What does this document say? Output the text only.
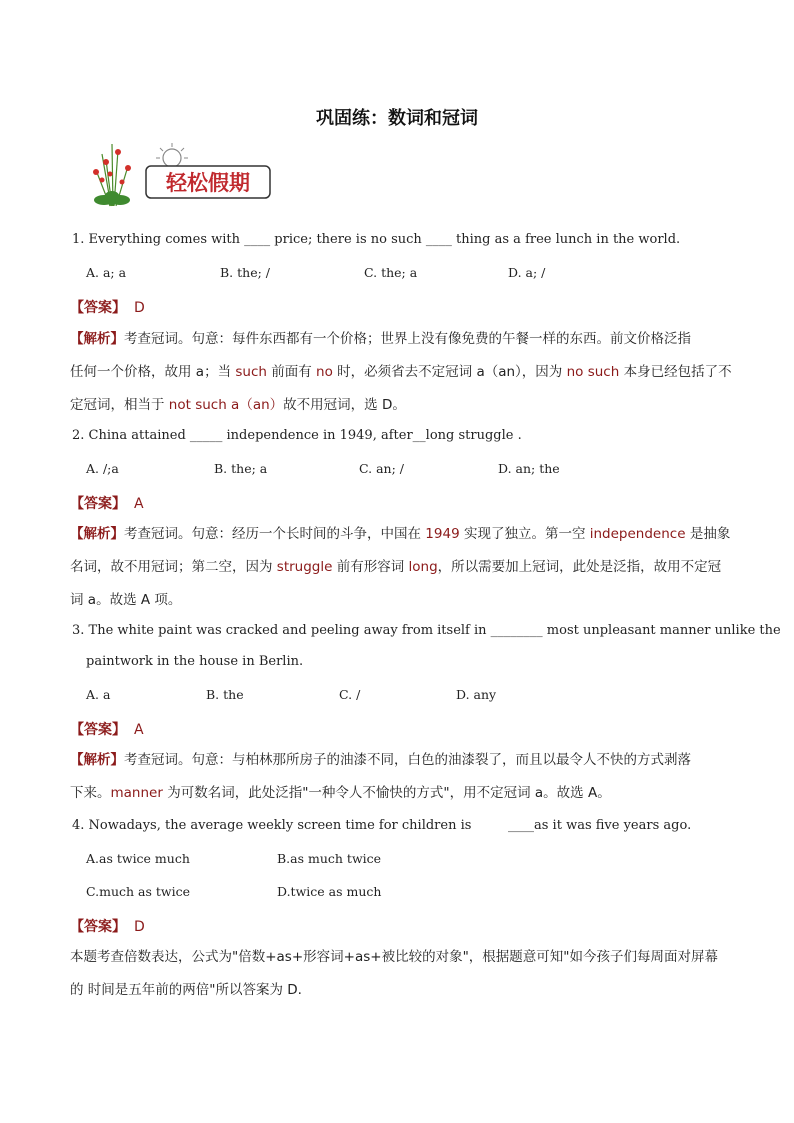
巩固练：数词和冠词
轻松假期
1. Everything comes with ____ price; there is no such ____ thing as a free lunch in the world.
A. a; a	B. the; /	C. the; a	D. a; /
【答案】 D
【解析】考查冠词。句意：每件东西都有一个价格；世界上没有像免费的午餐一样的东西。前文价格泛指
任何一个价格，故用 a；当 such 前面有 no 时，必须省去不定冠词 a（an），因为 no such 本身已经包括了不
定冠词，相当于 not such a（an）故不用冠词，选 D。
2. China attained _____ independence in 1949, after__long struggle .
A. /;a	B. the; a	C. an; /	D. an; the
【答案】 A
【解析】考查冠词。句意：经历一个长时间的斗争，中国在 1949 实现了独立。第一空 independence 是抽象
名词，故不用冠词；第二空，因为 struggle 前有形容词 long，所以需要加上冠词，此处是泛指，故用不定冠
词 a。故选 A 项。
3. The white paint was cracked and peeling away from itself in ________ most unpleasant manner unlike the
paintwork in the house in Berlin.
A. a	B. the	C. /	D. any
【答案】 A
【解析】考查冠词。句意：与柏林那所房子的油漆不同，白色的油漆裂了，而且以最令人不快的方式剥落
下来。manner 为可数名词，此处泛指"一种令人不愉快的方式"，用不定冠词 a。故选 A。
4. Nowadays, the average weekly screen time for children is	____as it was five years ago.
A.as twice much	B.as much twice
C.much as twice	D.twice as much
【答案】 D
本题考查倍数表达，公式为"倍数+as+形容词+as+被比较的对象"，根据题意可知"如今孩子们每周面对屏幕
的 时间是五年前的两倍"所以答案为 D.
